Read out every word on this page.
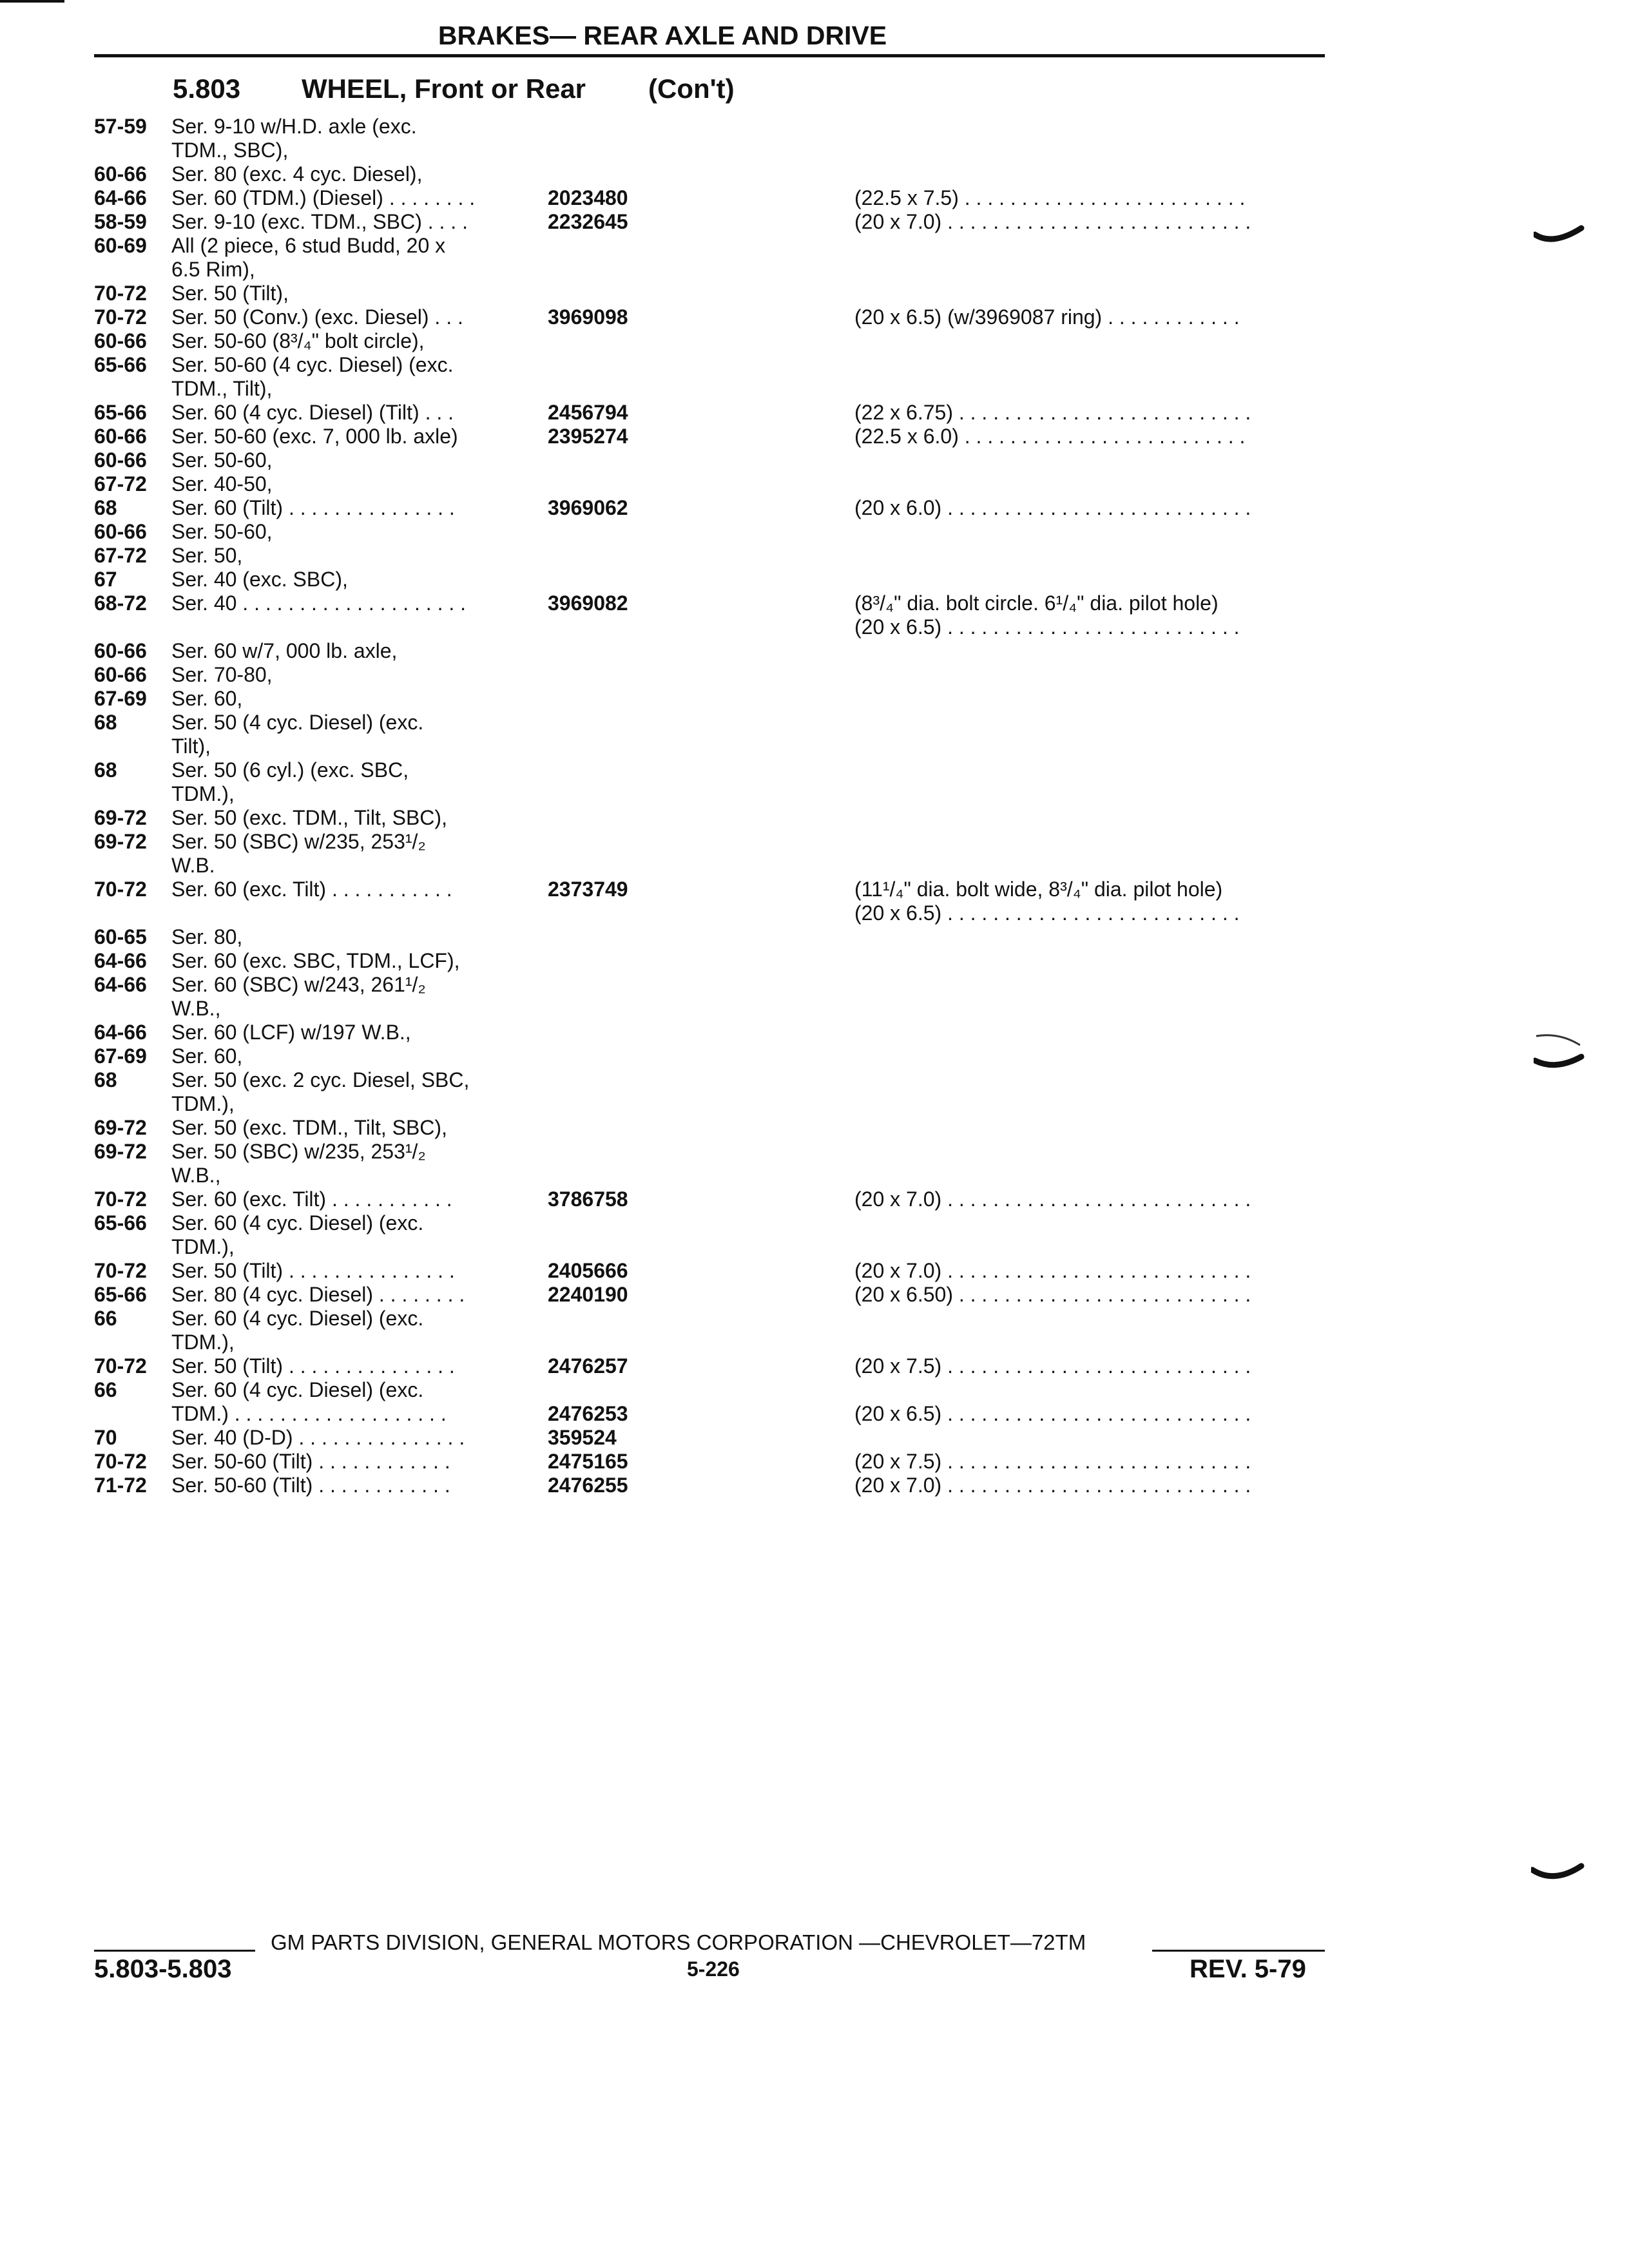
BRAKES— REAR AXLE AND DRIVE
5.803 WHEEL, Front or Rear (Con't)
57-59	Ser. 9-10 w/H.D. axle (exc.
TDM., SBC),
60-66	Ser. 80 (exc. 4 cyc. Diesel),
64-66	Ser. 60 (TDM.) (Diesel) . . . . . . . .	2023480	(22.5 x 7.5) . . . . . . . . . . . . . . . . . . . . . . . . .
58-59	Ser. 9-10 (exc. TDM., SBC) . . . .	2232645	(20 x 7.0) . . . . . . . . . . . . . . . . . . . . . . . . . . .
60-69	All (2 piece, 6 stud Budd, 20 x
6.5 Rim),
70-72	Ser. 50 (Tilt),
70-72	Ser. 50 (Conv.) (exc. Diesel) . . .	3969098	(20 x 6.5) (w/3969087 ring) . . . . . . . . . . . .
60-66	Ser. 50-60 (8³/₄" bolt circle),
65-66	Ser. 50-60 (4 cyc. Diesel) (exc.
TDM., Tilt),
65-66	Ser. 60 (4 cyc. Diesel) (Tilt) . . .	2456794	(22 x 6.75) . . . . . . . . . . . . . . . . . . . . . . . . . .
60-66	Ser. 50-60 (exc. 7, 000 lb. axle)	2395274	(22.5 x 6.0) . . . . . . . . . . . . . . . . . . . . . . . . .
60-66	Ser. 50-60,
67-72	Ser. 40-50,
68	Ser. 60 (Tilt) . . . . . . . . . . . . . . .	3969062	(20 x 6.0) . . . . . . . . . . . . . . . . . . . . . . . . . . .
60-66	Ser. 50-60,
67-72	Ser. 50,
67	Ser. 40 (exc. SBC),
68-72	Ser. 40 . . . . . . . . . . . . . . . . . . . .	3969082	(8³/₄" dia. bolt circle. 6¹/₄" dia. pilot hole)
(20 x 6.5) . . . . . . . . . . . . . . . . . . . . . . . . . .
60-66	Ser. 60 w/7, 000 lb. axle,
60-66	Ser. 70-80,
67-69	Ser. 60,
68	Ser. 50 (4 cyc. Diesel) (exc.
Tilt),
68	Ser. 50 (6 cyl.) (exc. SBC,
TDM.),
69-72	Ser. 50 (exc. TDM., Tilt, SBC),
69-72	Ser. 50 (SBC) w/235, 253¹/₂
W.B.
70-72	Ser. 60 (exc. Tilt) . . . . . . . . . . .	2373749	(11¹/₄" dia. bolt wide, 8³/₄" dia. pilot hole)
(20 x 6.5) . . . . . . . . . . . . . . . . . . . . . . . . . .
60-65	Ser. 80,
64-66	Ser. 60 (exc. SBC, TDM., LCF),
64-66	Ser. 60 (SBC) w/243, 261¹/₂
W.B.,
64-66	Ser. 60 (LCF) w/197 W.B.,
67-69	Ser. 60,
68	Ser. 50 (exc. 2 cyc. Diesel, SBC,
TDM.),
69-72	Ser. 50 (exc. TDM., Tilt, SBC),
69-72	Ser. 50 (SBC) w/235, 253¹/₂
W.B.,
70-72	Ser. 60 (exc. Tilt) . . . . . . . . . . .	3786758	(20 x 7.0) . . . . . . . . . . . . . . . . . . . . . . . . . . .
65-66	Ser. 60 (4 cyc. Diesel) (exc.
TDM.),
70-72	Ser. 50 (Tilt) . . . . . . . . . . . . . . .	2405666	(20 x 7.0) . . . . . . . . . . . . . . . . . . . . . . . . . . .
65-66	Ser. 80 (4 cyc. Diesel) . . . . . . . .	2240190	(20 x 6.50) . . . . . . . . . . . . . . . . . . . . . . . . . .
66	Ser. 60 (4 cyc. Diesel) (exc.
TDM.),
70-72	Ser. 50 (Tilt) . . . . . . . . . . . . . . .	2476257	(20 x 7.5) . . . . . . . . . . . . . . . . . . . . . . . . . . .
66	Ser. 60 (4 cyc. Diesel) (exc.
TDM.) . . . . . . . . . . . . . . . . . . .	2476253	(20 x 6.5) . . . . . . . . . . . . . . . . . . . . . . . . . . .
70	Ser. 40 (D-D) . . . . . . . . . . . . . . .	359524
70-72	Ser. 50-60 (Tilt) . . . . . . . . . . . .	2475165	(20 x 7.5) . . . . . . . . . . . . . . . . . . . . . . . . . . .
71-72	Ser. 50-60 (Tilt) . . . . . . . . . . . .	2476255	(20 x 7.0) . . . . . . . . . . . . . . . . . . . . . . . . . . .
GM PARTS DIVISION, GENERAL MOTORS CORPORATION —CHEVROLET—72TM
5.803-5.803	5-226	REV. 5-79
